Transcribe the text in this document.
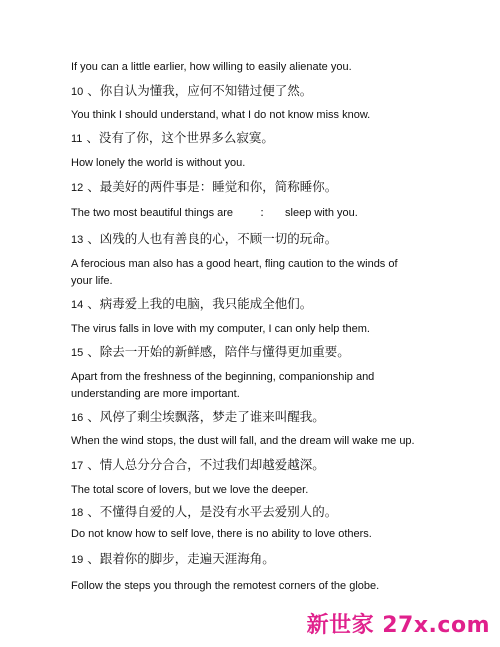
If you can a little earlier, how willing to easily alienate you.
10 、你自认为懂我，应何不知错过便了然。
You think I should understand, what I do not know miss know.
11 、没有了你，这个世界多么寂寞。
How lonely the world is without you.
12 、最美好的两件事是：睡觉和你，简称睡你。
The two most beautiful things are ： sleep with you.
13 、凶残的人也有善良的心，不顾一切的玩命。
A ferocious man also has a good heart, fling caution to the winds of
your life.
14 、病毒爱上我的电脑，我只能成全他们。
The virus falls in love with my computer, I can only help them.
15 、除去一开始的新鲜感，陪伴与懂得更加重要。
Apart from the freshness of the beginning, companionship and
understanding are more important.
16 、风停了剩尘埃飘落，梦走了谁来叫醒我。
When the wind stops, the dust will fall, and the dream will wake me up.
17 、情人总分分合合，不过我们却越爱越深。
The total score of lovers, but we love the deeper.
18 、不懂得自爱的人，是没有水平去爱别人的。
Do not know how to self love, there is no ability to love others.
19 、跟着你的脚步，走遍天涯海角。
Follow the steps you through the remotest corners of the globe.
新世家 27x.com
